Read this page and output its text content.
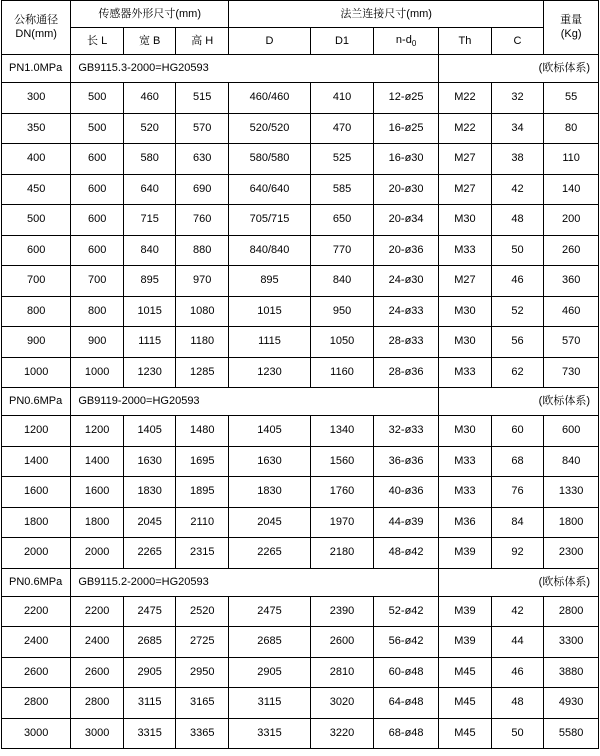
公称通径
DN(mm)	传感器外形尺寸(mm)			法兰连接尺寸(mm)					重量
(Kg)
	长 L	宽 B	高 H	D	D1	$n-d_0$	Th	C	
PN1.0MPa	GB9115.3-2000=HG20593						(欧标体系)		
300	500	460	515	460/460	410	12-ø25	M22	32	55
350	500	520	570	520/520	470	16-ø25	M22	34	80
400	600	580	630	580/580	525	16-ø30	M27	38	110
450	600	640	690	640/640	585	20-ø30	M27	42	140
500	600	715	760	705/715	650	20-ø34	M30	48	200
600	600	840	880	840/840	770	20-ø36	M33	50	260
700	700	895	970	895	840	24-ø30	M27	46	360
800	800	1015	1080	1015	950	24-ø33	M30	52	460
900	900	1115	1180	1115	1050	28-ø33	M30	56	570
1000	1000	1230	1285	1230	1160	28-ø36	M33	62	730
PN0.6MPa	GB9119-2000=HG20593						(欧标体系)		
1200	1200	1405	1480	1405	1340	32-ø33	M30	60	600
1400	1400	1630	1695	1630	1560	36-ø36	M33	68	840
1600	1600	1830	1895	1830	1760	40-ø36	M33	76	1330
1800	1800	2045	2110	2045	1970	44-ø39	M36	84	1800
2000	2000	2265	2315	2265	2180	48-ø42	M39	92	2300
PN0.6MPa	GB9115.2-2000=HG20593						(欧标体系)		
2200	2200	2475	2520	2475	2390	52-ø42	M39	42	2800
2400	2400	2685	2725	2685	2600	56-ø42	M39	44	3300
2600	2600	2905	2950	2905	2810	60-ø48	M45	46	3880
2800	2800	3115	3165	3115	3020	64-ø48	M45	48	4930
3000	3000	3315	3365	3315	3220	68-ø48	M45	50	5580
